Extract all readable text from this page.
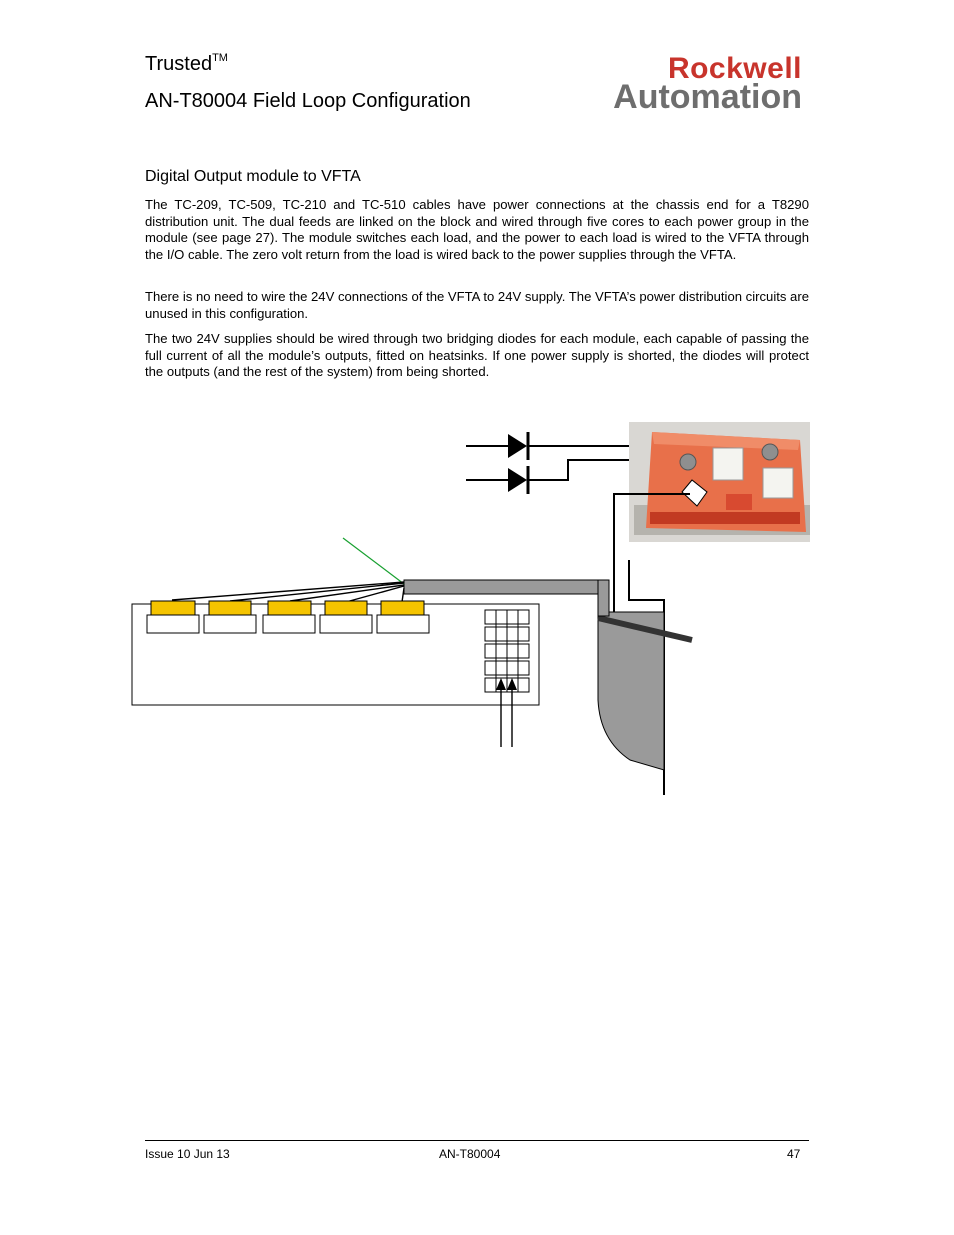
Trusted™
AN-T80004 Field Loop Configuration
Rockwell
Automation
Digital Output module to VFTA

The TC-209, TC-509, TC-210 and TC-510 cables have power connections at the chassis end for a T8290 distribution unit. The dual feeds are linked on the block and wired through five cores to each power group in the module (see page 27). The module switches each load, and the power to each load is wired to the VFTA through the I/O cable. The zero volt return from the load is wired back to the power supplies through the VFTA.

There is no need to wire the 24V connections of the VFTA to 24V supply. The VFTA’s power distribution circuits are unused in this configuration.

The two 24V supplies should be wired through two bridging diodes for each module, each capable of passing the full current of all the module’s outputs, fitted on heatsinks. If one power supply is shorted, the diodes will protect the outputs (and the rest of the system) from being shorted.

Issue 10 Jun 13	AN-T80004	47
